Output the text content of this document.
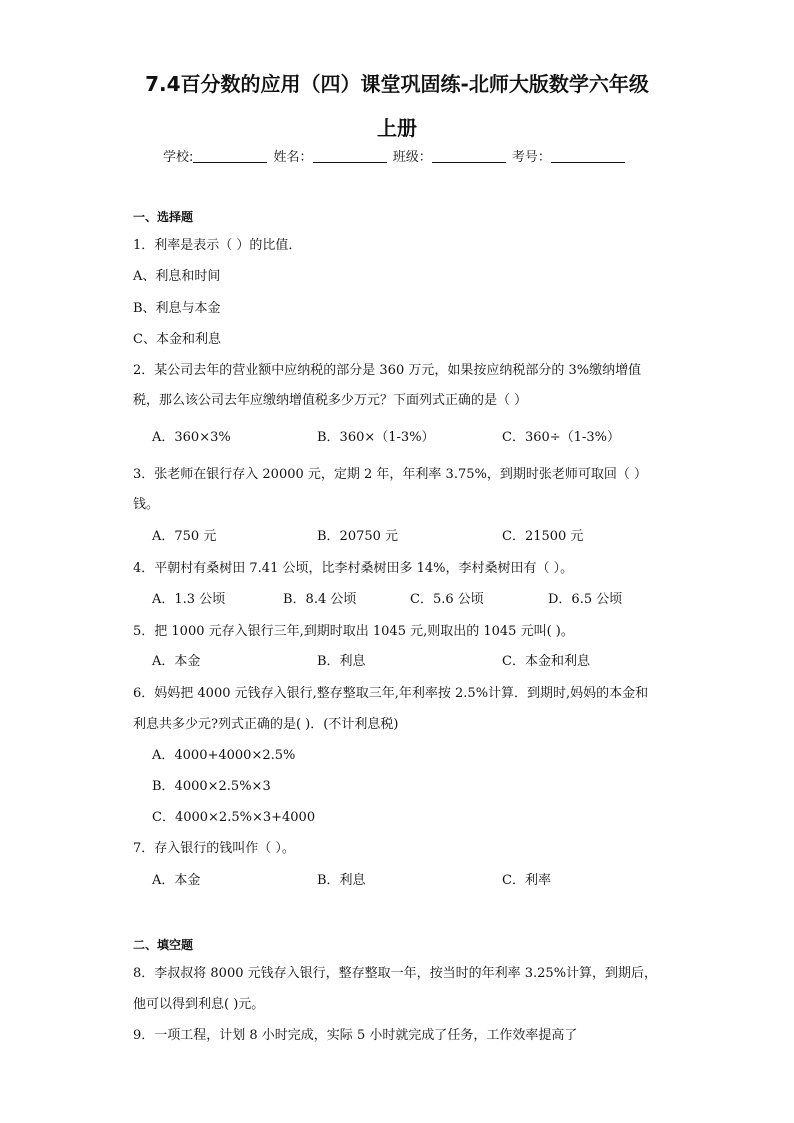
7.4百分数的应用（四）课堂巩固练-北师大版数学六年级
上册
学校:	姓名：	班级：	考号：
一、选择题
1．利率是表示（ ）的比值．
A、利息和时间
B、利息与本金
C、本金和利息
2．某公司去年的营业额中应纳税的部分是 360 万元，如果按应纳税部分的 3%缴纳增值
税，那么该公司去年应缴纳增值税多少万元？下面列式正确的是（ ）
A．360×3%	B．360×（1-3%）	C．360÷（1-3%）
3．张老师在银行存入 20000 元，定期 2 年，年利率 3.75%，到期时张老师可取回（ ）
钱。
A．750 元	B．20750 元	C．21500 元
4．平朝村有桑树田 7.41 公顷，比李村桑树田多 14%，李村桑树田有（ ）。
A．1.3 公顷	B．8.4 公顷	C．5.6 公顷	D．6.5 公顷
5．把 1000 元存入银行三年,到期时取出 1045 元,则取出的 1045 元叫( )。
A．本金	B．利息	C．本金和利息
6．妈妈把 4000 元钱存入银行,整存整取三年,年利率按 2.5%计算．到期时,妈妈的本金和
利息共多少元?列式正确的是( )．(不计利息税)
A．4000+4000×2.5%
B．4000×2.5%×3
C．4000×2.5%×3+4000
7．存入银行的钱叫作（ ）。
A．本金	B．利息	C．利率
二、填空题
8．李叔叔将 8000 元钱存入银行，整存整取一年，按当时的年利率 3.25%计算，到期后，
他可以得到利息( )元。
9．一项工程，计划 8 小时完成，实际 5 小时就完成了任务，工作效率提高了
